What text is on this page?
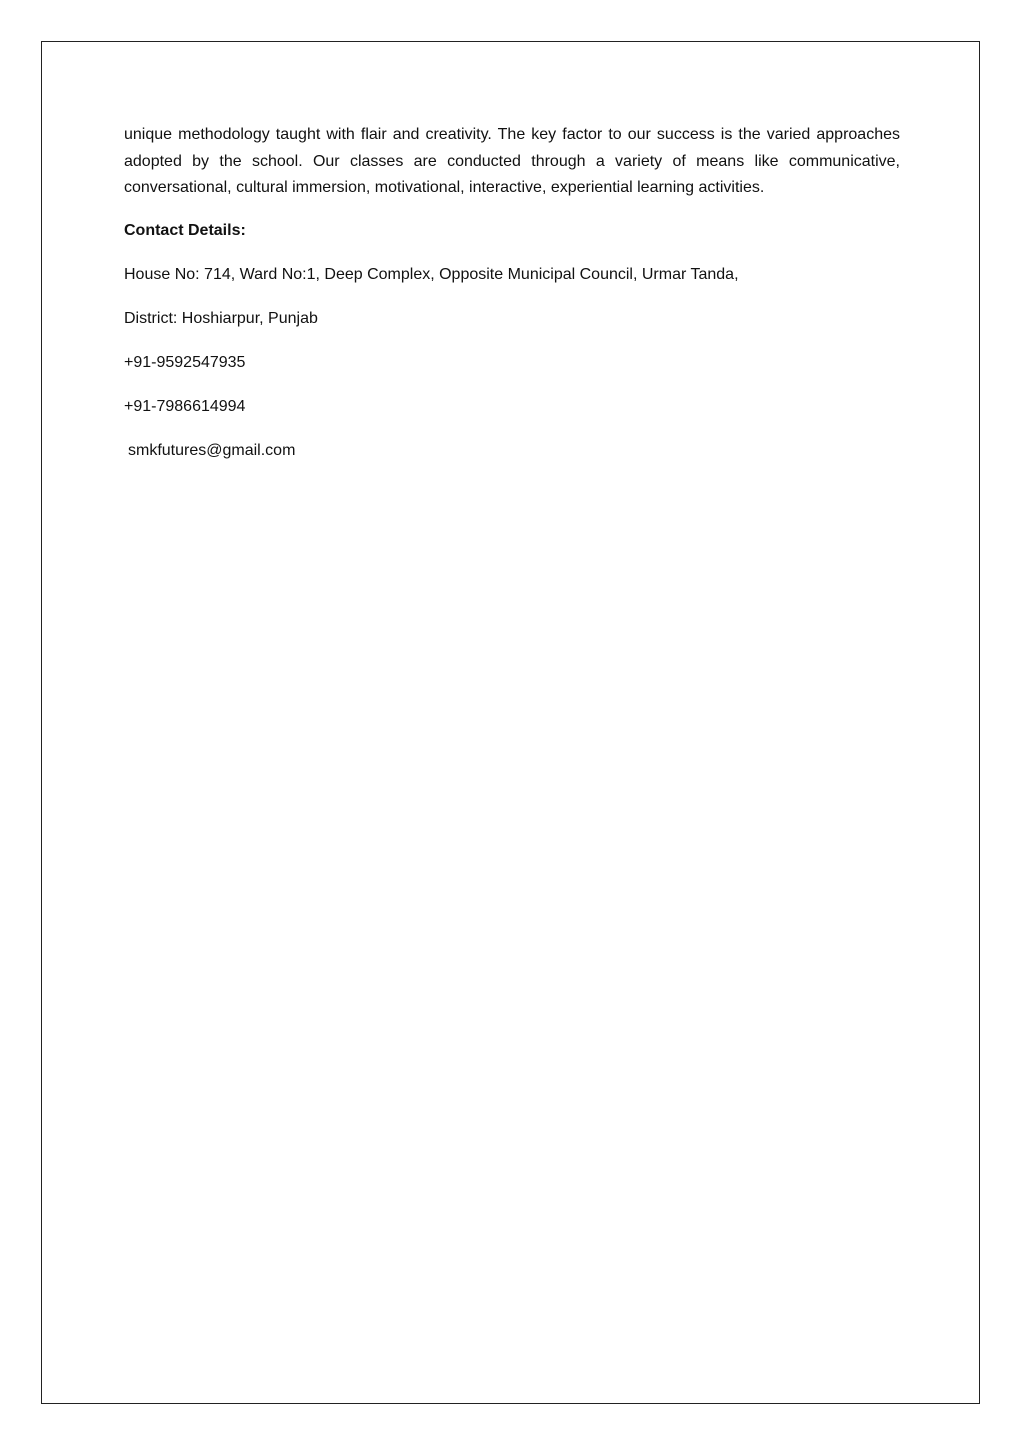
unique methodology taught with flair and creativity. The key factor to our success is the varied approaches adopted by the school. Our classes are conducted through a variety of means like communicative, conversational, cultural immersion, motivational, interactive, experiential learning activities.

Contact Details:

House No: 714, Ward No:1, Deep Complex, Opposite Municipal Council, Urmar Tanda,

District: Hoshiarpur, Punjab

+91-9592547935

+91-7986614994

smkfutures@gmail.com
